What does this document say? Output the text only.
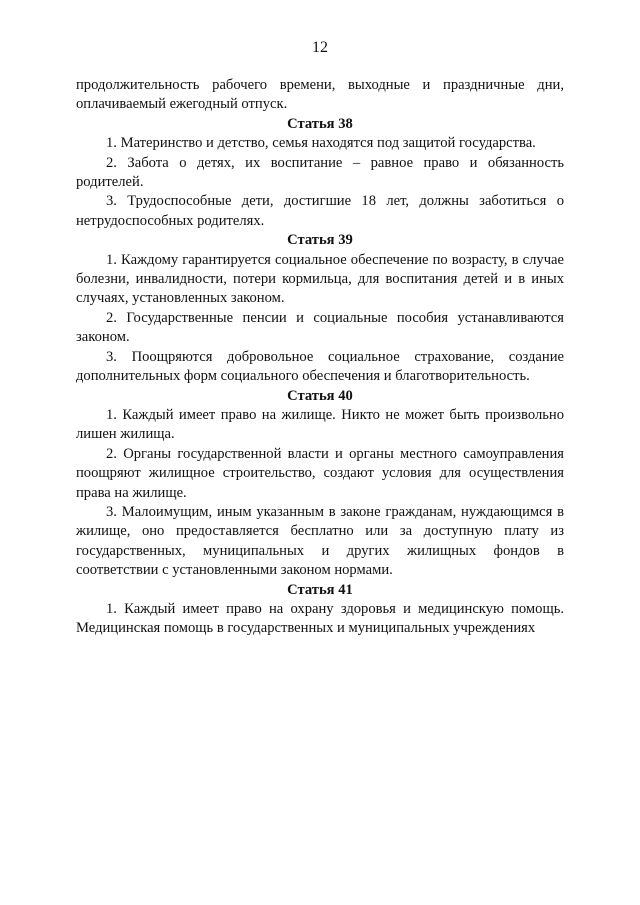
12

продолжительность рабочего времени, выходные и праздничные дни, оплачиваемый ежегодный отпуск.

Статья 38

1. Материнство и детство, семья находятся под защитой государства.

2. Забота о детях, их воспитание – равное право и обязанность родителей.

3. Трудоспособные дети, достигшие 18 лет, должны заботиться о нетрудоспособных родителях.

Статья 39

1. Каждому гарантируется социальное обеспечение по возрасту, в случае болезни, инвалидности, потери кормильца, для воспитания детей и в иных случаях, установленных законом.

2. Государственные пенсии и социальные пособия устанавливаются законом.

3. Поощряются добровольное социальное страхование, создание дополнительных форм социального обеспечения и благотворительность.

Статья 40

1. Каждый имеет право на жилище. Никто не может быть произвольно лишен жилища.

2. Органы государственной власти и органы местного самоуправления поощряют жилищное строительство, создают условия для осуществления права на жилище.

3. Малоимущим, иным указанным в законе гражданам, нуждающимся в жилище, оно предоставляется бесплатно или за доступную плату из государственных, муниципальных и других жилищных фондов в соответствии с установленными законом нормами.

Статья 41

1. Каждый имеет право на охрану здоровья и медицинскую помощь. Медицинская помощь в государственных и муниципальных учреждениях
